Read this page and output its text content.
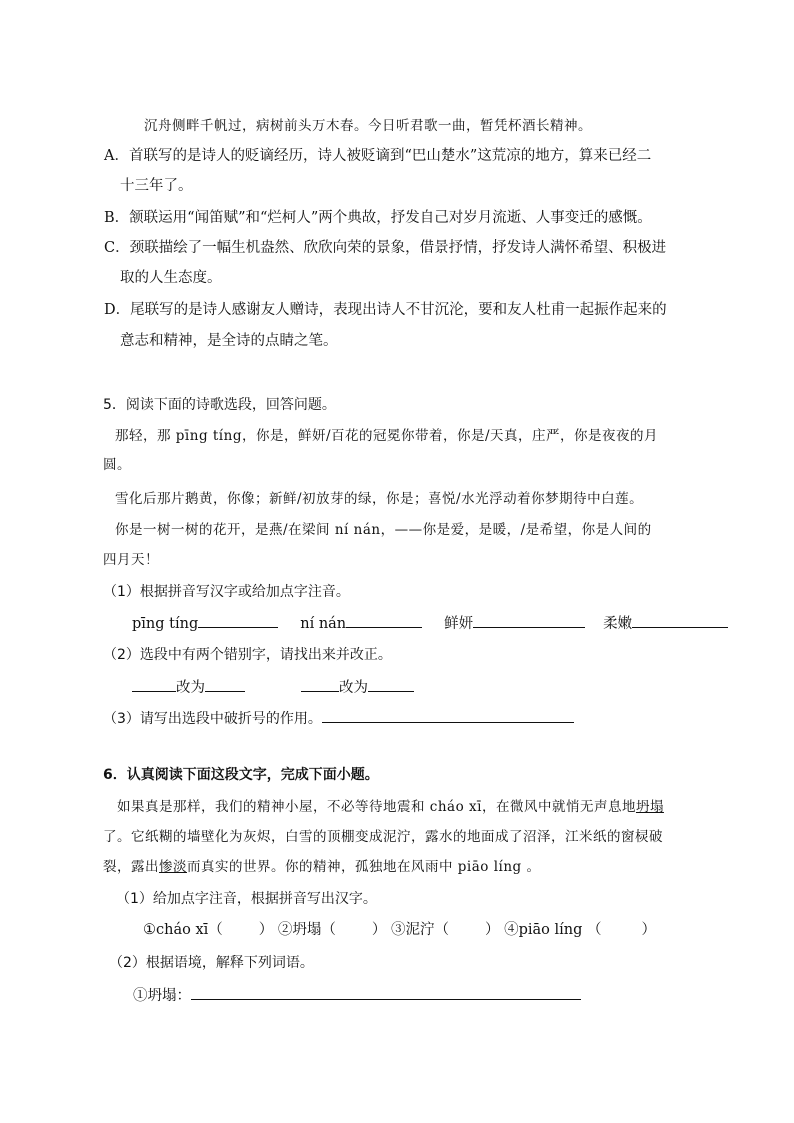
沉舟侧畔千帆过，病树前头万木春。今日听君歌一曲，暂凭杯酒长精神。
A．首联写的是诗人的贬谪经历，诗人被贬谪到“巴山楚水”这荒凉的地方，算来已经二
十三年了。
B．颔联运用“闻笛赋”和“烂柯人”两个典故，抒发自己对岁月流逝、人事变迁的感慨。
C．颈联描绘了一幅生机盎然、欣欣向荣的景象，借景抒情，抒发诗人满怀希望、积极进
取的人生态度。
D．尾联写的是诗人感谢友人赠诗，表现出诗人不甘沉沦，要和友人杜甫一起振作起来的
意志和精神，是全诗的点睛之笔。
5．阅读下面的诗歌选段，回答问题。
那轻，那 pīng tíng，你是，鲜妍/百花的冠冕你带着，你是/天真，庄严，你是夜夜的月
圆。
雪化后那片鹅黄，你像；新鲜/初放芽的绿，你是；喜悦/水光浮动着你梦期待中白莲。
你是一树一树的花开，是燕/在梁间 ní nán，——你是爱，是暖，/是希望，你是人间的
四月天！
（1）根据拼音写汉字或给加点字注音。
pīng tíng	ní nán	鲜妍	柔嫩
（2）选段中有两个错别字，请找出来并改正。
改为	改为
（3）请写出选段中破折号的作用。
6．认真阅读下面这段文字，完成下面小题。
如果真是那样，我们的精神小屋，不必等待地震和 cháo xī，在微风中就悄无声息地坍塌
了。它纸糊的墙壁化为灰烬，白雪的顶棚变成泥泞，露水的地面成了沼泽，江米纸的窗棂破
裂，露出惨淡而真实的世界。你的精神，孤独地在风雨中 piāo líng 。
（1）给加点字注音，根据拼音写出汉字。
①cháo xī（ ） ②坍塌（ ） ③泥泞（ ） ④piāo líng （	）
（2）根据语境，解释下列词语。
①坍塌：
